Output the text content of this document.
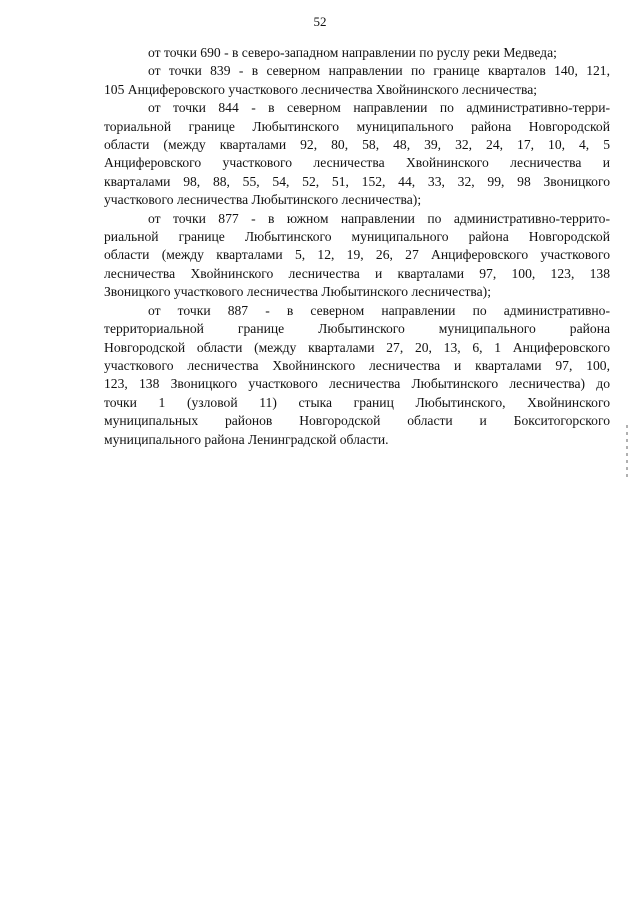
52

от точки 690 - в северо-западном направлении по руслу реки Медведа;

от точки 839 - в северном направлении по границе кварталов 140, 121,
105 Анциферовского участкового лесничества Хвойнинского лесничества;

от точки 844 - в северном направлении по административно-терри-
ториальной границе Любытинского муниципального района Новгородской
области (между кварталами 92, 80, 58, 48, 39, 32, 24, 17, 10, 4, 5
Анциферовского участкового лесничества Хвойнинского лесничества и
кварталами 98, 88, 55, 54, 52, 51, 152, 44, 33, 32, 99, 98 Звоницкого
участкового лесничества Любытинского лесничества);

от точки 877 - в южном направлении по административно-террито-
риальной границе Любытинского муниципального района Новгородской
области (между кварталами 5, 12, 19, 26, 27 Анциферовского участкового
лесничества Хвойнинского лесничества и кварталами 97, 100, 123, 138
Звоницкого участкового лесничества Любытинского лесничества);

от точки 887 - в северном направлении по административно-
территориальной границе Любытинского муниципального района
Новгородской области (между кварталами 27, 20, 13, 6, 1 Анциферовского
участкового лесничества Хвойнинского лесничества и кварталами 97, 100,
123, 138 Звоницкого участкового лесничества Любытинского лесничества) до
точки 1 (узловой 11) стыка границ Любытинского, Хвойнинского
муниципальных районов Новгородской области и Бокситогорского
муниципального района Ленинградской области.
